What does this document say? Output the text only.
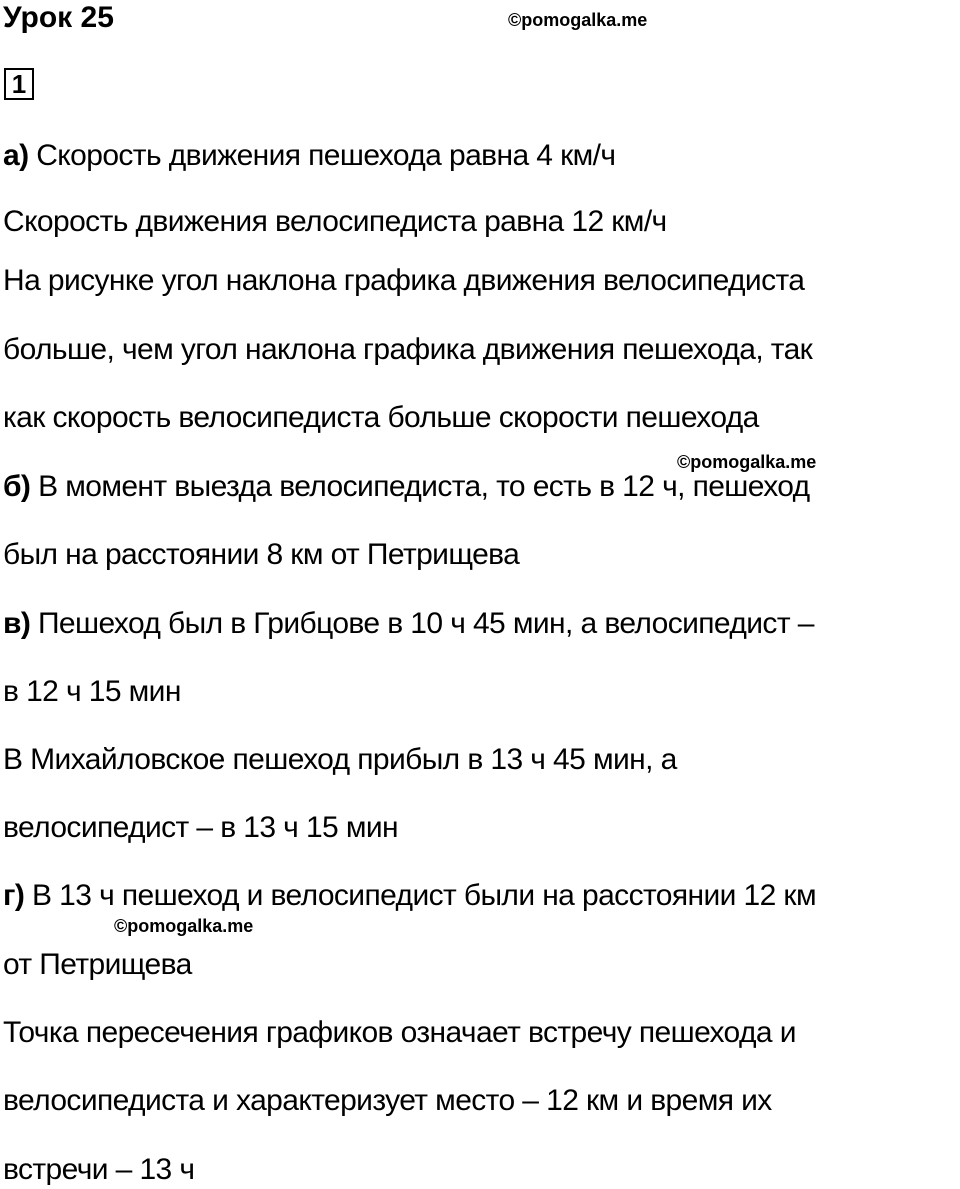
Урок 25	©pomogalka.me
1
а) Скорость движения пешехода равна 4 км/ч
Скорость движения велосипедиста равна 12 км/ч
На рисунке угол наклона графика движения велосипедиста
больше, чем угол наклона графика движения пешехода, так
как скорость велосипедиста больше скорости пешехода
©pomogalka.me
б) В момент выезда велосипедиста, то есть в 12 ч, пешеход
был на расстоянии 8 км от Петрищева
в) Пешеход был в Грибцове в 10 ч 45 мин, а велосипедист –
в 12 ч 15 мин
В Михайловское пешеход прибыл в 13 ч 45 мин, а
велосипедист – в 13 ч 15 мин
г) В 13 ч пешеход и велосипедист были на расстоянии 12 км
©pomogalka.me
от Петрищева
Точка пересечения графиков означает встречу пешехода и
велосипедиста и характеризует место – 12 км и время их
встречи – 13 ч
